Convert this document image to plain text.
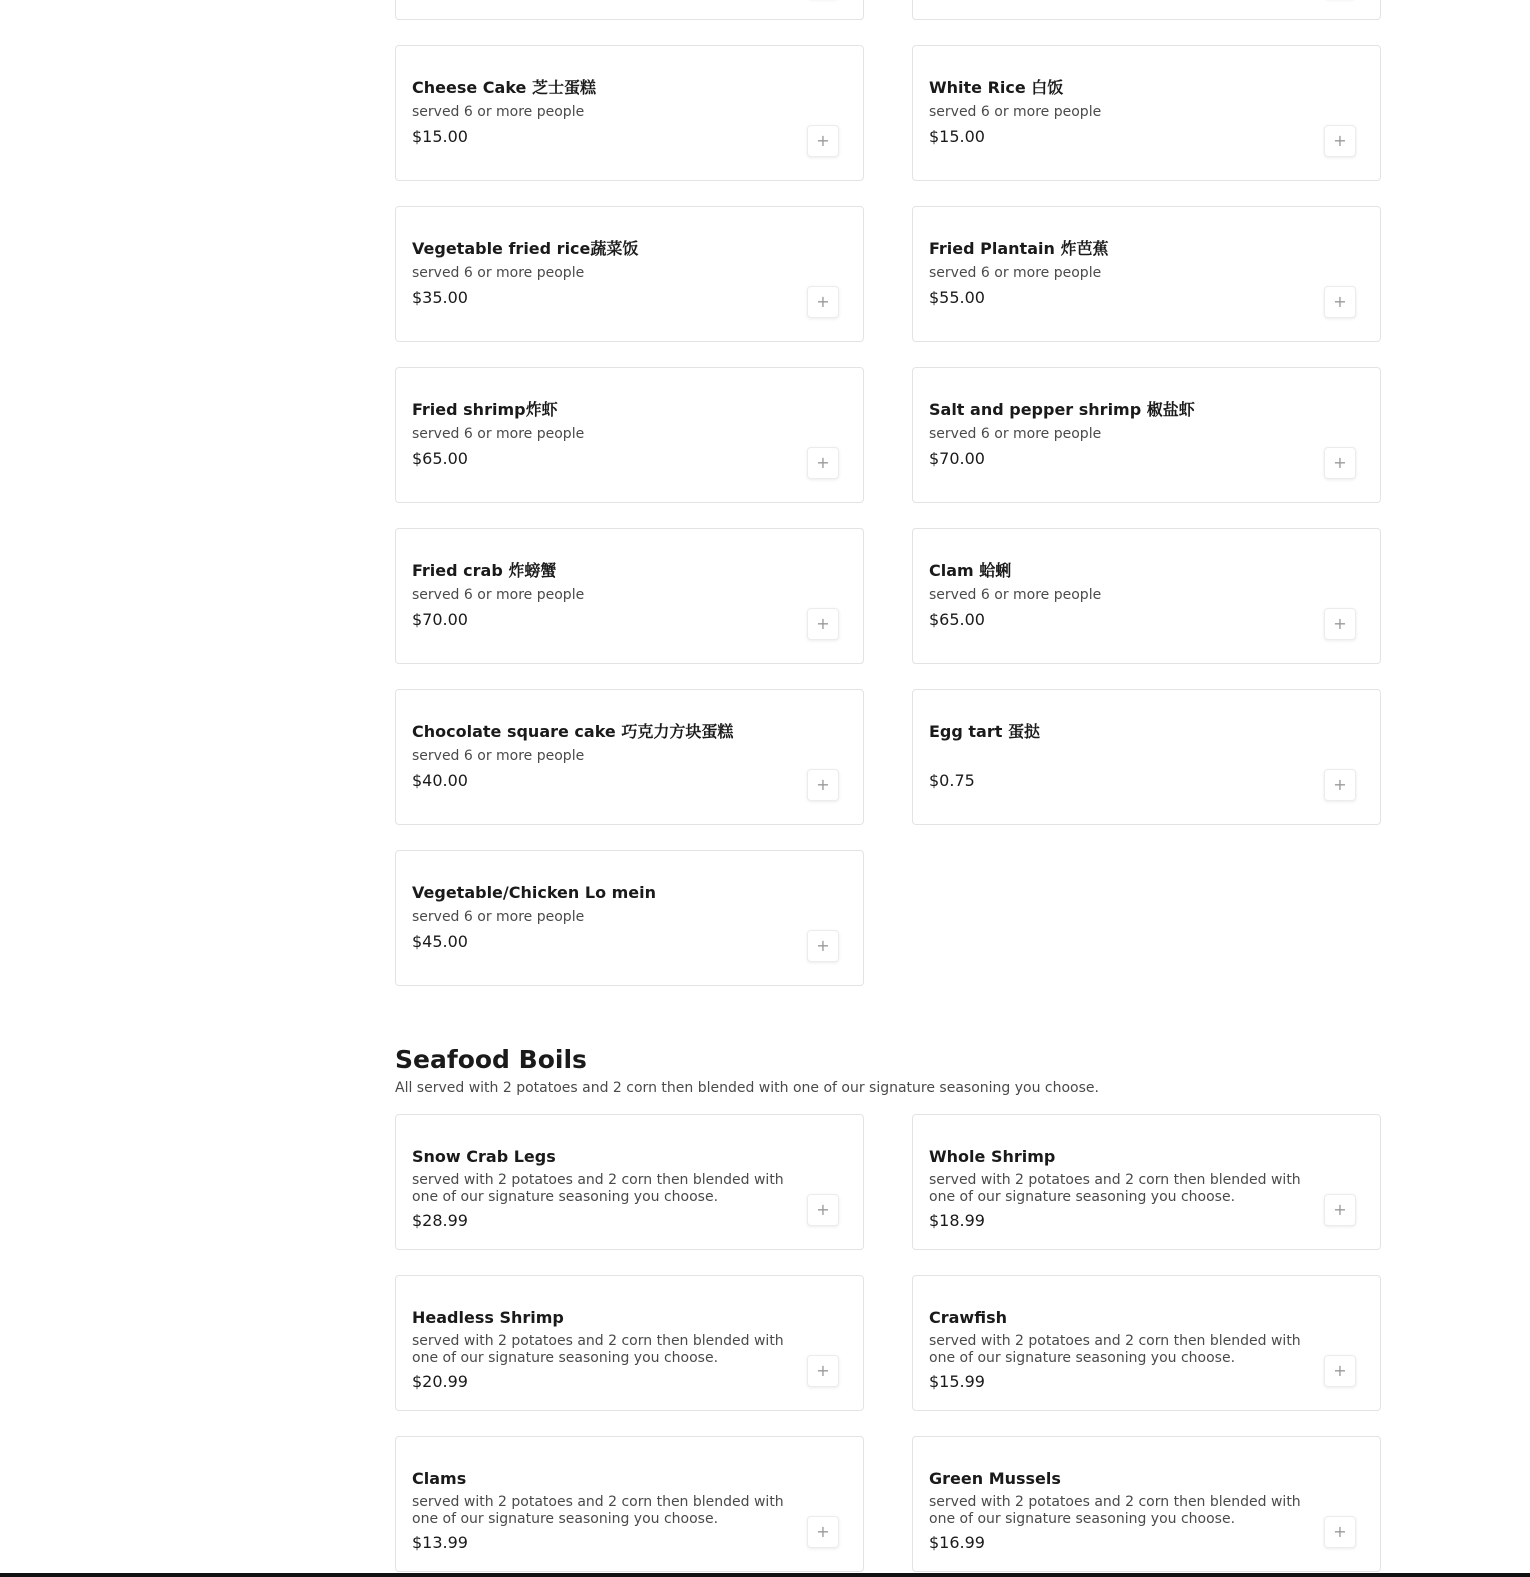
Cheese Cake 芝士蛋糕
served 6 or more people
$15.00	+
White Rice 白饭
served 6 or more people
$15.00	+
Vegetable fried rice蔬菜饭
served 6 or more people
$35.00	+
Fried Plantain 炸芭蕉
served 6 or more people
$55.00	+
Fried shrimp炸虾
served 6 or more people
$65.00	+
Salt and pepper shrimp 椒盐虾
served 6 or more people
$70.00	+
Fried crab 炸螃蟹
served 6 or more people
$70.00	+
Clam 蛤蜊
served 6 or more people
$65.00	+
Chocolate square cake 巧克力方块蛋糕
served 6 or more people
$40.00	+
Egg tart 蛋挞
$0.75	+
Vegetable/Chicken Lo mein
served 6 or more people
$45.00	+
Seafood Boils
All served with 2 potatoes and 2 corn then blended with one of our signature seasoning you choose.
Snow Crab Legs
served with 2 potatoes and 2 corn then blended with one of our signature seasoning you choose.
$28.99
+
Whole Shrimp
served with 2 potatoes and 2 corn then blended with one of our signature seasoning you choose.
$18.99
+
Headless Shrimp
served with 2 potatoes and 2 corn then blended with one of our signature seasoning you choose.
$20.99
+
Crawfish
served with 2 potatoes and 2 corn then blended with one of our signature seasoning you choose.
$15.99
+
Clams
served with 2 potatoes and 2 corn then blended with one of our signature seasoning you choose.
$13.99
+
Green Mussels
served with 2 potatoes and 2 corn then blended with one of our signature seasoning you choose.
$16.99
+
